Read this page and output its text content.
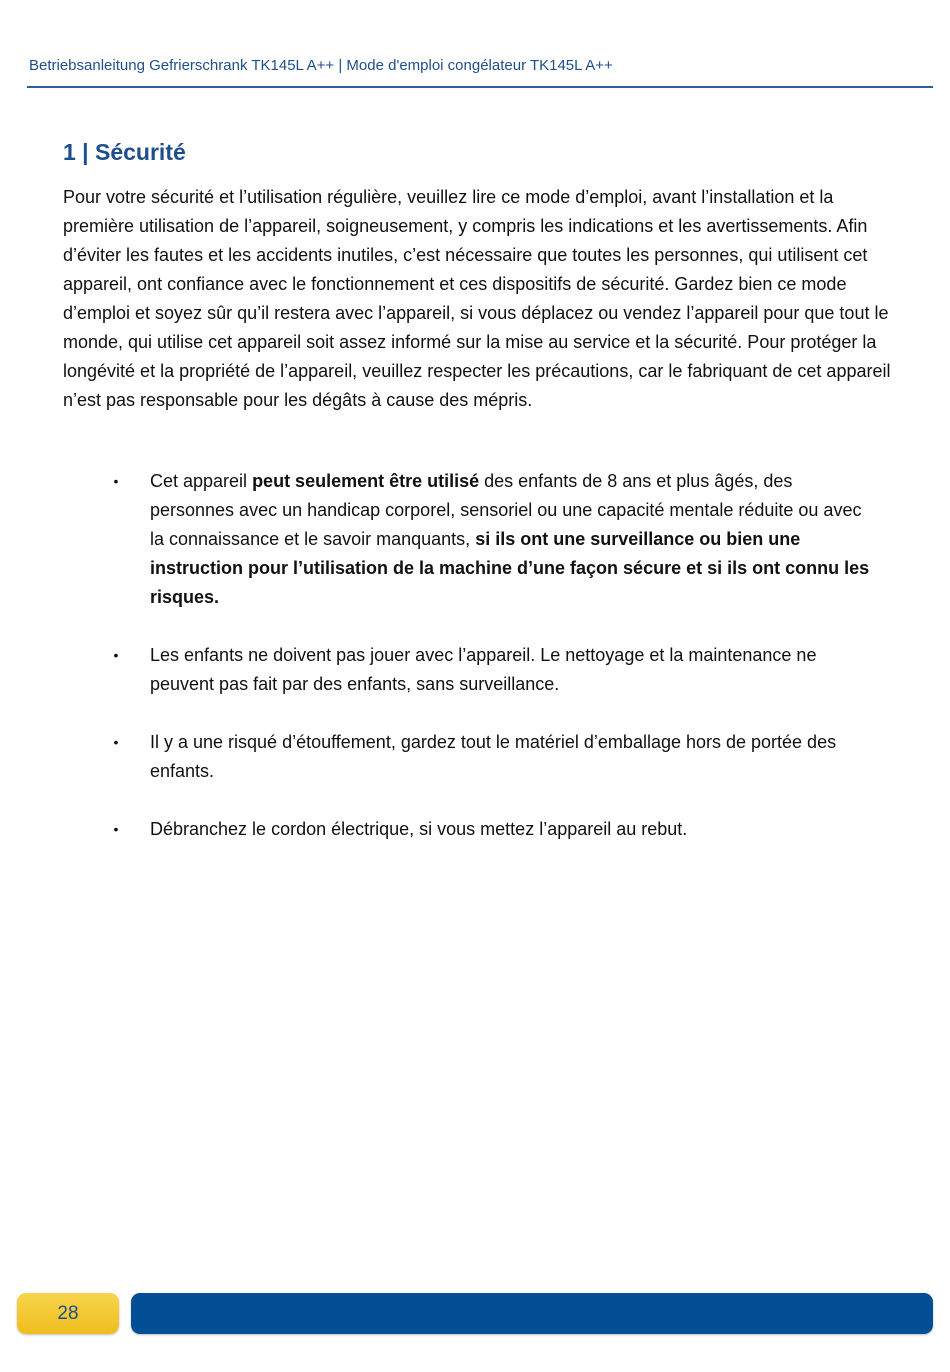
Betriebsanleitung Gefrierschrank TK145L A++ | Mode d'emploi congélateur TK145L A++
1 | Sécurité

Pour votre sécurité et l’utilisation régulière, veuillez lire ce mode d’emploi, avant l’installation et la première utilisation de l’appareil, soigneusement, y compris les indications et les avertissements. Afin d’éviter les fautes et les accidents inutiles, c’est nécessaire que toutes les personnes, qui utilisent cet appareil, ont confiance avec le fonctionnement et ces dispositifs de sécurité. Gardez bien ce mode d’emploi et soyez sûr qu’il restera avec l’appareil, si vous déplacez ou vendez l’appareil pour que tout le monde, qui utilise cet appareil soit assez informé sur la mise au service et la sécurité. Pour protéger la longévité et la propriété de l’appareil, veuillez respecter les précautions, car le fabriquant de cet appareil n’est pas responsable pour les dégâts à cause des mépris.

•	Cet appareil peut seulement être utilisé des enfants de 8 ans et plus âgés, des personnes avec un handicap corporel, sensoriel ou une capacité mentale réduite ou avec la connaissance et le savoir manquants, si ils ont une surveillance ou bien une instruction pour l’utilisation de la machine d’une façon sécure et si ils ont connu les risques.
•	Les enfants ne doivent pas jouer avec l’appareil. Le nettoyage et la maintenance ne peuvent pas fait par des enfants, sans surveillance.
•	Il y a une risqué d’étouffement, gardez tout le matériel d’emballage hors de portée des enfants.
•	Débranchez le cordon électrique, si vous mettez l’appareil au rebut.
28
